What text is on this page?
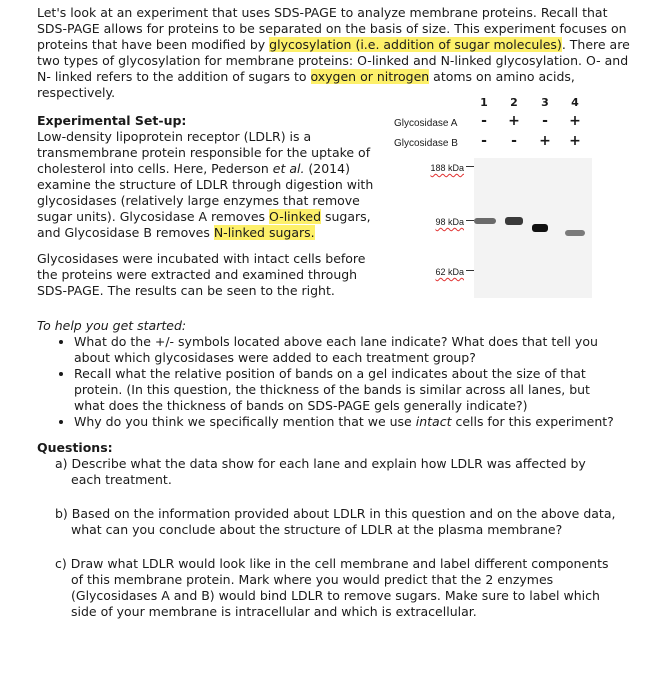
Let's look at an experiment that uses SDS-PAGE to analyze membrane proteins. Recall that SDS-PAGE allows for proteins to be separated on the basis of size. This experiment focuses on proteins that have been modified by glycosylation (i.e. addition of sugar molecules). There are two types of glycosylation for membrane proteins: O-linked and N-linked glycosylation. O- and N- linked refers to the addition of sugars to oxygen or nitrogen atoms on amino acids, respectively.
Experimental Set-up:
Low-density lipoprotein receptor (LDLR) is a transmembrane protein responsible for the uptake of cholesterol into cells. Here, Pederson et al. (2014) examine the structure of LDLR through digestion with glycosidases (relatively large enzymes that remove sugar units). Glycosidase A removes O-linked sugars, and Glycosidase B removes N-linked sugars.
Glycosidases were incubated with intact cells before the proteins were extracted and examined through SDS-PAGE. The results can be seen to the right.
1 2 3 4
Glycosidase A
Glycosidase B
- + - +
- - + +
188 kDa
98 kDa
62 kDa
To help you get started:
• What do the +/- symbols located above each lane indicate? What does that tell you about which glycosidases were added to each treatment group?
• Recall what the relative position of bands on a gel indicates about the size of that protein. (In this question, the thickness of the bands is similar across all lanes, but what does the thickness of bands on SDS-PAGE gels generally indicate?)
• Why do you think we specifically mention that we use intact cells for this experiment?
Questions:
a) Describe what the data show for each lane and explain how LDLR was affected by each treatment.
b) Based on the information provided about LDLR in this question and on the above data, what can you conclude about the structure of LDLR at the plasma membrane?
c) Draw what LDLR would look like in the cell membrane and label different components of this membrane protein. Mark where you would predict that the 2 enzymes (Glycosidases A and B) would bind LDLR to remove sugars. Make sure to label which side of your membrane is intracellular and which is extracellular.
